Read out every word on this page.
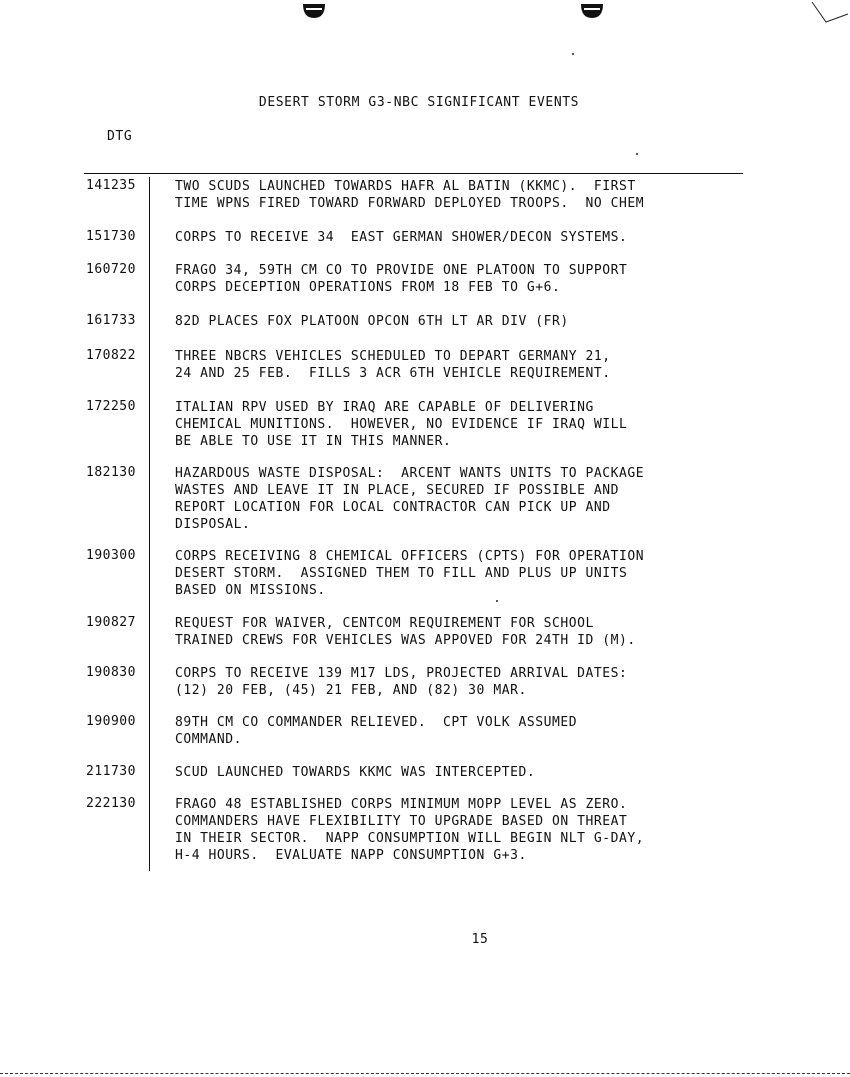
DESERT STORM G3-NBC SIGNIFICANT EVENTS
DTG
141235	TWO SCUDS LAUNCHED TOWARDS HAFR AL BATIN (KKMC).  FIRST
TIME WPNS FIRED TOWARD FORWARD DEPLOYED TROOPS.  NO CHEM
151730	CORPS TO RECEIVE 34  EAST GERMAN SHOWER/DECON SYSTEMS.
160720	FRAGO 34, 59TH CM CO TO PROVIDE ONE PLATOON TO SUPPORT
CORPS DECEPTION OPERATIONS FROM 18 FEB TO G+6.
161733	82D PLACES FOX PLATOON OPCON 6TH LT AR DIV (FR)
170822	THREE NBCRS VEHICLES SCHEDULED TO DEPART GERMANY 21,
24 AND 25 FEB.  FILLS 3 ACR 6TH VEHICLE REQUIREMENT.
172250	ITALIAN RPV USED BY IRAQ ARE CAPABLE OF DELIVERING
CHEMICAL MUNITIONS.  HOWEVER, NO EVIDENCE IF IRAQ WILL
BE ABLE TO USE IT IN THIS MANNER.
182130	HAZARDOUS WASTE DISPOSAL:  ARCENT WANTS UNITS TO PACKAGE
WASTES AND LEAVE IT IN PLACE, SECURED IF POSSIBLE AND
REPORT LOCATION FOR LOCAL CONTRACTOR CAN PICK UP AND
DISPOSAL.
190300	CORPS RECEIVING 8 CHEMICAL OFFICERS (CPTS) FOR OPERATION
DESERT STORM.  ASSIGNED THEM TO FILL AND PLUS UP UNITS
BASED ON MISSIONS.
190827	REQUEST FOR WAIVER, CENTCOM REQUIREMENT FOR SCHOOL
TRAINED CREWS FOR VEHICLES WAS APPOVED FOR 24TH ID (M).
190830	CORPS TO RECEIVE 139 M17 LDS, PROJECTED ARRIVAL DATES:
(12) 20 FEB, (45) 21 FEB, AND (82) 30 MAR.
190900	89TH CM CO COMMANDER RELIEVED.  CPT VOLK ASSUMED
COMMAND.
211730	SCUD LAUNCHED TOWARDS KKMC WAS INTERCEPTED.
222130	FRAGO 48 ESTABLISHED CORPS MINIMUM MOPP LEVEL AS ZERO.
COMMANDERS HAVE FLEXIBILITY TO UPGRADE BASED ON THREAT
IN THEIR SECTOR.  NAPP CONSUMPTION WILL BEGIN NLT G-DAY,
H-4 HOURS.  EVALUATE NAPP CONSUMPTION G+3.
15
